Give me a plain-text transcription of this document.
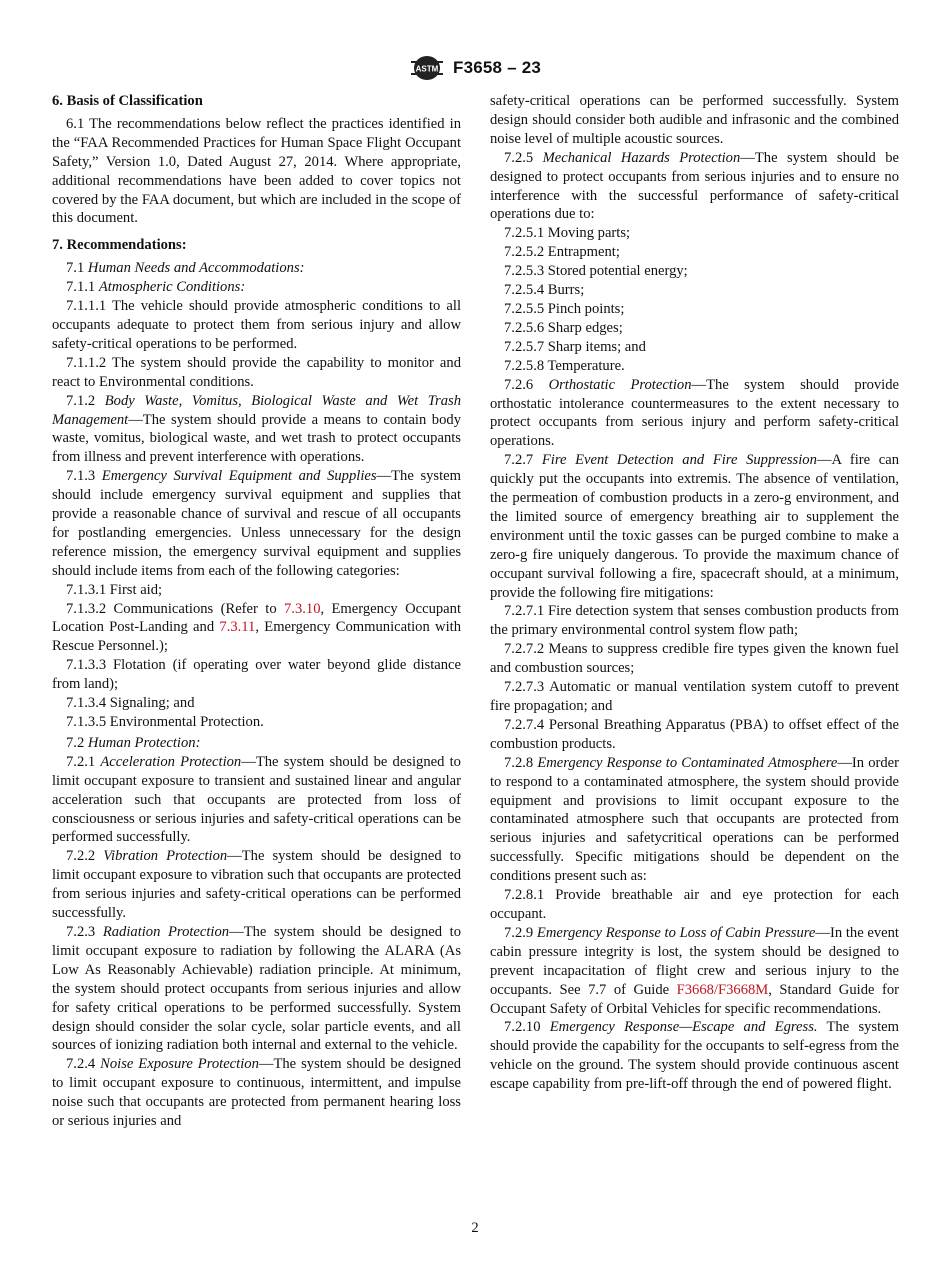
ASTM F3658 – 23
6. Basis of Classification

6.1 The recommendations below reflect the practices identified in the “FAA Recommended Practices for Human Space Flight Occupant Safety,” Version 1.0, Dated August 27, 2014. Where appropriate, additional recommendations have been added to cover topics not covered by the FAA document, but which are included in the scope of this document.

7. Recommendations:

7.1 Human Needs and Accommodations:

7.1.1 Atmospheric Conditions:

7.1.1.1 The vehicle should provide atmospheric conditions to all occupants adequate to protect them from serious injury and allow safety-critical operations to be performed.

7.1.1.2 The system should provide the capability to monitor and react to Environmental conditions.

7.1.2 Body Waste, Vomitus, Biological Waste and Wet Trash Management—The system should provide a means to contain body waste, vomitus, biological waste, and wet trash to protect occupants from illness and prevent interference with operations.

7.1.3 Emergency Survival Equipment and Supplies—The system should include emergency survival equipment and supplies that provide a reasonable chance of survival and rescue of all occupants for postlanding emergencies. Unless unnecessary for the design reference mission, the emergency survival equipment and supplies should include items from each of the following categories:

7.1.3.1 First aid;

7.1.3.2 Communications (Refer to 7.3.10, Emergency Occupant Location Post-Landing and 7.3.11, Emergency Communication with Rescue Personnel.);

7.1.3.3 Flotation (if operating over water beyond glide distance from land);

7.1.3.4 Signaling; and

7.1.3.5 Environmental Protection.

7.2 Human Protection:

7.2.1 Acceleration Protection—The system should be designed to limit occupant exposure to transient and sustained linear and angular acceleration such that occupants are protected from loss of consciousness or serious injuries and safety-critical operations can be performed successfully.

7.2.2 Vibration Protection—The system should be designed to limit occupant exposure to vibration such that occupants are protected from serious injuries and safety-critical operations can be performed successfully.

7.2.3 Radiation Protection—The system should be designed to limit occupant exposure to radiation by following the ALARA (As Low As Reasonably Achievable) radiation principle. At minimum, the system should protect occupants from serious injuries and allow for safety critical operations to be performed successfully. System design should consider the solar cycle, solar particle events, and all sources of ionizing radiation both internal and external to the vehicle.

7.2.4 Noise Exposure Protection—The system should be designed to limit occupant exposure to continuous, intermittent, and impulse noise such that occupants are protected from permanent hearing loss or serious injuries and

safety-critical operations can be performed successfully. System design should consider both audible and infrasonic and the combined noise level of multiple acoustic sources.

7.2.5 Mechanical Hazards Protection—The system should be designed to protect occupants from serious injuries and to ensure no interference with the successful performance of safety-critical operations due to:

7.2.5.1 Moving parts;

7.2.5.2 Entrapment;

7.2.5.3 Stored potential energy;

7.2.5.4 Burrs;

7.2.5.5 Pinch points;

7.2.5.6 Sharp edges;

7.2.5.7 Sharp items; and

7.2.5.8 Temperature.

7.2.6 Orthostatic Protection—The system should provide orthostatic intolerance countermeasures to the extent necessary to protect occupants from serious injury and perform safety-critical operations.

7.2.7 Fire Event Detection and Fire Suppression—A fire can quickly put the occupants into extremis. The absence of ventilation, the permeation of combustion products in a zero-g environment, and the limited source of emergency breathing air to supplement the environment until the toxic gasses can be purged combine to make a zero-g fire uniquely dangerous. To provide the maximum chance of occupant survival following a fire, spacecraft should, at a minimum, provide the following fire mitigations:

7.2.7.1 Fire detection system that senses combustion products from the primary environmental control system flow path;

7.2.7.2 Means to suppress credible fire types given the known fuel and combustion sources;

7.2.7.3 Automatic or manual ventilation system cutoff to prevent fire propagation; and

7.2.7.4 Personal Breathing Apparatus (PBA) to offset effect of the combustion products.

7.2.8 Emergency Response to Contaminated Atmosphere—In order to respond to a contaminated atmosphere, the system should provide equipment and provisions to limit occupant exposure to the contaminated atmosphere such that occupants are protected from serious injuries and safetycritical operations can be performed successfully. Specific mitigations should be dependent on the conditions present such as:

7.2.8.1 Provide breathable air and eye protection for each occupant.

7.2.9 Emergency Response to Loss of Cabin Pressure—In the event cabin pressure integrity is lost, the system should be designed to prevent incapacitation of flight crew and serious injury to the occupants. See 7.7 of Guide F3668/F3668M, Standard Guide for Occupant Safety of Orbital Vehicles for specific recommendations.

7.2.10 Emergency Response—Escape and Egress. The system should provide the capability for the occupants to self-egress from the vehicle on the ground. The system should provide continuous ascent escape capability from pre-lift-off through the end of powered flight.

2
